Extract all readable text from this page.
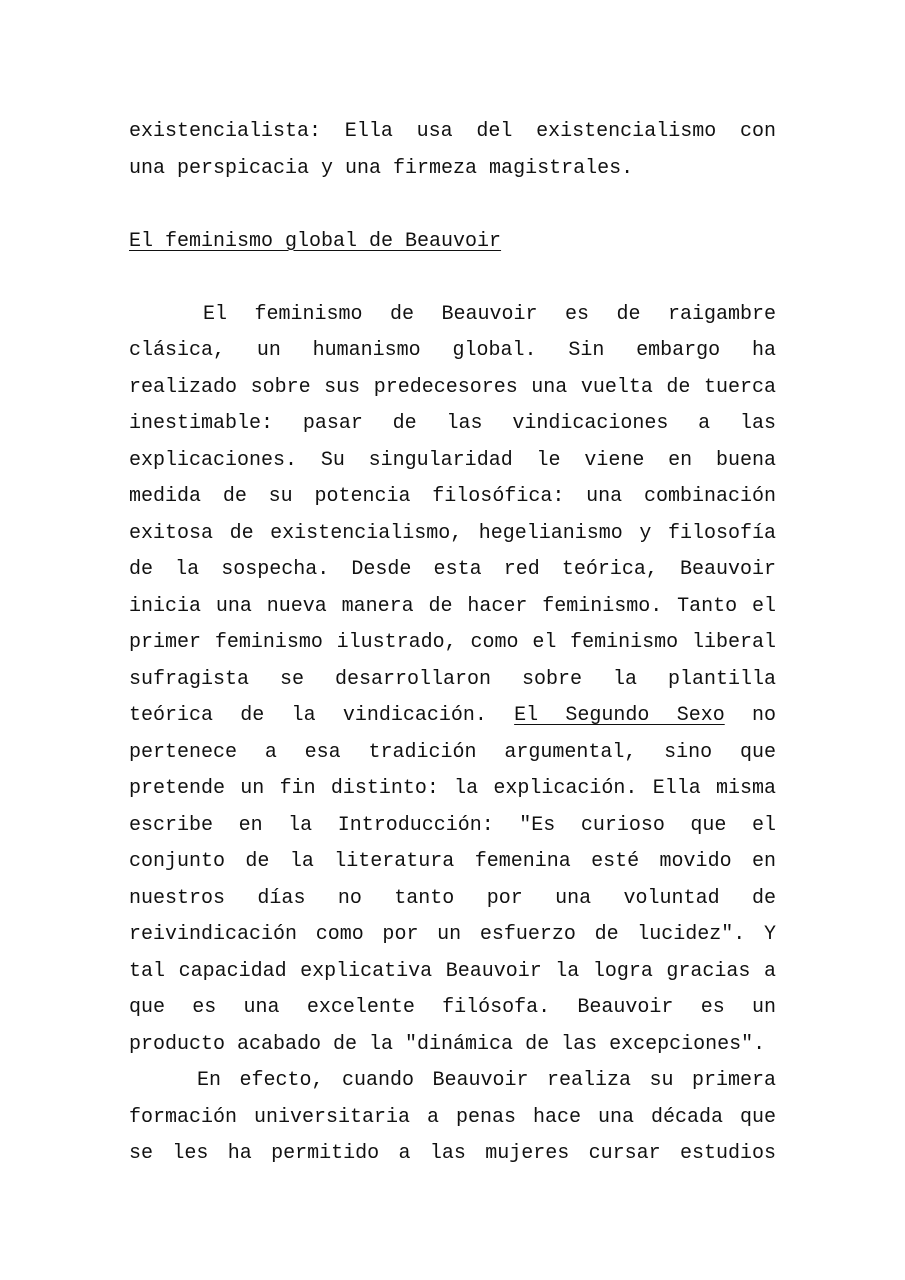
existencialista: Ella usa del existencialismo con
una perspicacia y una firmeza magistrales.
El feminismo global de Beauvoir
El feminismo de Beauvoir es de raigambre
clásica, un humanismo global. Sin embargo ha
realizado sobre sus predecesores una vuelta de tuerca
inestimable: pasar de las vindicaciones a las
explicaciones. Su singularidad le viene en buena
medida de su potencia filosófica: una combinación
exitosa de existencialismo, hegelianismo y filosofía
de la sospecha. Desde esta red teórica, Beauvoir
inicia una nueva manera de hacer feminismo. Tanto el
primer feminismo ilustrado, como el feminismo liberal
sufragista se desarrollaron sobre la plantilla
teórica de la vindicación. El Segundo Sexo no
pertenece a esa tradición argumental, sino que
pretende un fin distinto: la explicación. Ella misma
escribe en la Introducción: "Es curioso que el
conjunto de la literatura femenina esté movido en
nuestros días no tanto por una voluntad de
reivindicación como por un esfuerzo de lucidez". Y
tal capacidad explicativa Beauvoir la logra gracias a
que es una excelente filósofa. Beauvoir es un
producto acabado de la "dinámica de las excepciones".
En efecto, cuando Beauvoir realiza su primera
formación universitaria a penas hace una década que
se les ha permitido a las mujeres cursar estudios
